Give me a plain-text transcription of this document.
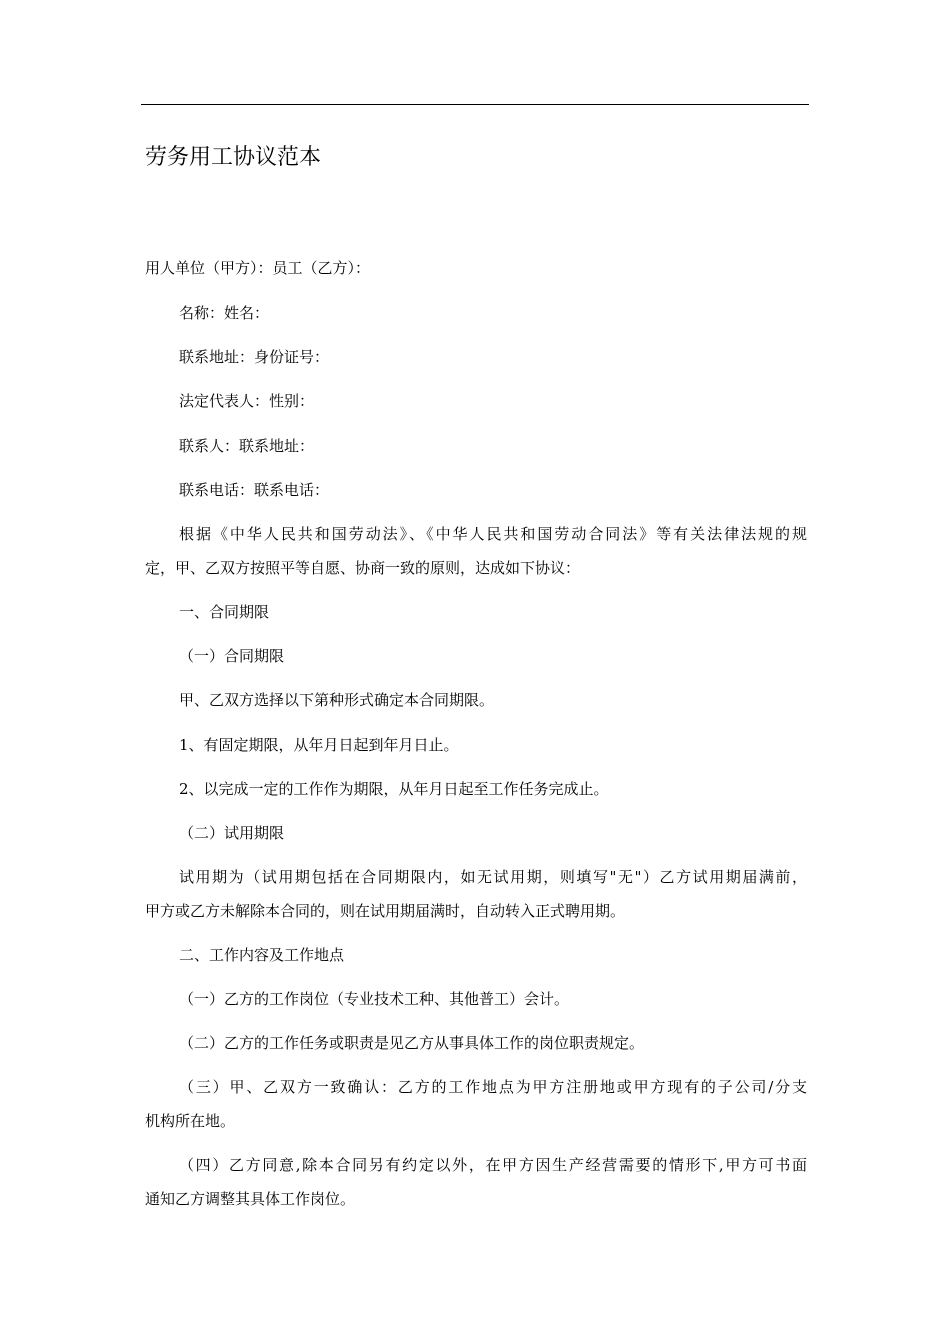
劳务用工协议范本
用人单位（甲方）：员工（乙方）：
名称：姓名：
联系地址：身份证号：
法定代表人：性别：
联系人：联系地址：
联系电话：联系电话：
根据《中华人民共和国劳动法》、《中华人民共和国劳动合同法》等有关法律法规的规
定，甲、乙双方按照平等自愿、协商一致的原则，达成如下协议：
一、合同期限
（一）合同期限
甲、乙双方选择以下第种形式确定本合同期限。
1、有固定期限，从年月日起到年月日止。
2、以完成一定的工作作为期限，从年月日起至工作任务完成止。
（二）试用期限
试用期为（试用期包括在合同期限内，如无试用期，则填写"无"）乙方试用期届满前，
甲方或乙方未解除本合同的，则在试用期届满时，自动转入正式聘用期。
二、工作内容及工作地点
（一）乙方的工作岗位（专业技术工种、其他普工）会计。
（二）乙方的工作任务或职责是见乙方从事具体工作的岗位职责规定。
（三）甲、乙双方一致确认：乙方的工作地点为甲方注册地或甲方现有的子公司/分支
机构所在地。
（四）乙方同意,除本合同另有约定以外，在甲方因生产经营需要的情形下,甲方可书面
通知乙方调整其具体工作岗位。
